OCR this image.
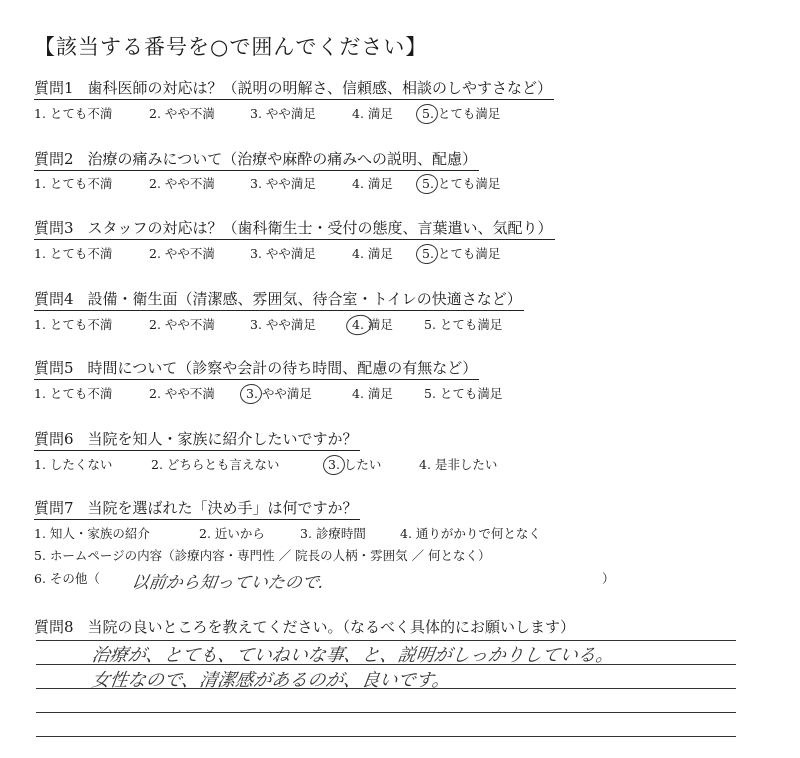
【該当する番号を○で囲んでください】
質問1 歯科医師の対応は？（説明の明解さ、信頼感、相談のしやすさなど）
1. とても不満	2. やや不満	3. やや満足	4. 満足 5. とても満足
質問2 治療の痛みについて（治療や麻酔の痛みへの説明、配慮）
1. とても不満	2. やや不満	3. やや満足	4. 満足 5. とても満足
質問3 スタッフの対応は？（歯科衛生士・受付の態度、言葉遣い、気配り）
1. とても不満	2. やや不満	3. やや満足	4. 満足 5. とても満足
質問4 設備・衛生面（清潔感、雰囲気、待合室・トイレの快適さなど）
1. とても不満	2. やや不満	3. やや満足	4. 満足 5. とても満足
質問5 時間について（診察や会計の待ち時間、配慮の有無など）
1. とても不満	2. やや不満 3. やや満足	4. 満足 5. とても満足
質問6 当院を知人・家族に紹介したいですか？
1. したくない	2. どちらとも言えない	3. したい	4. 是非したい
質問7 当院を選ばれた「決め手」は何ですか？
1. 知人・家族の紹介	2. 近いから	3. 診療時間	4. 通りがかりで何となく
5. ホームページの内容（診療内容・専門性 ／ 院長の人柄・雰囲気 ／ 何となく）
6. その他（	）
以前から知っていたので.
質問8 当院の良いところを教えてください。（なるべく具体的にお願いします）
治療が、とても、ていねいな事、と、説明がしっかりしている。
女性なので、清潔感があるのが、良いです。
